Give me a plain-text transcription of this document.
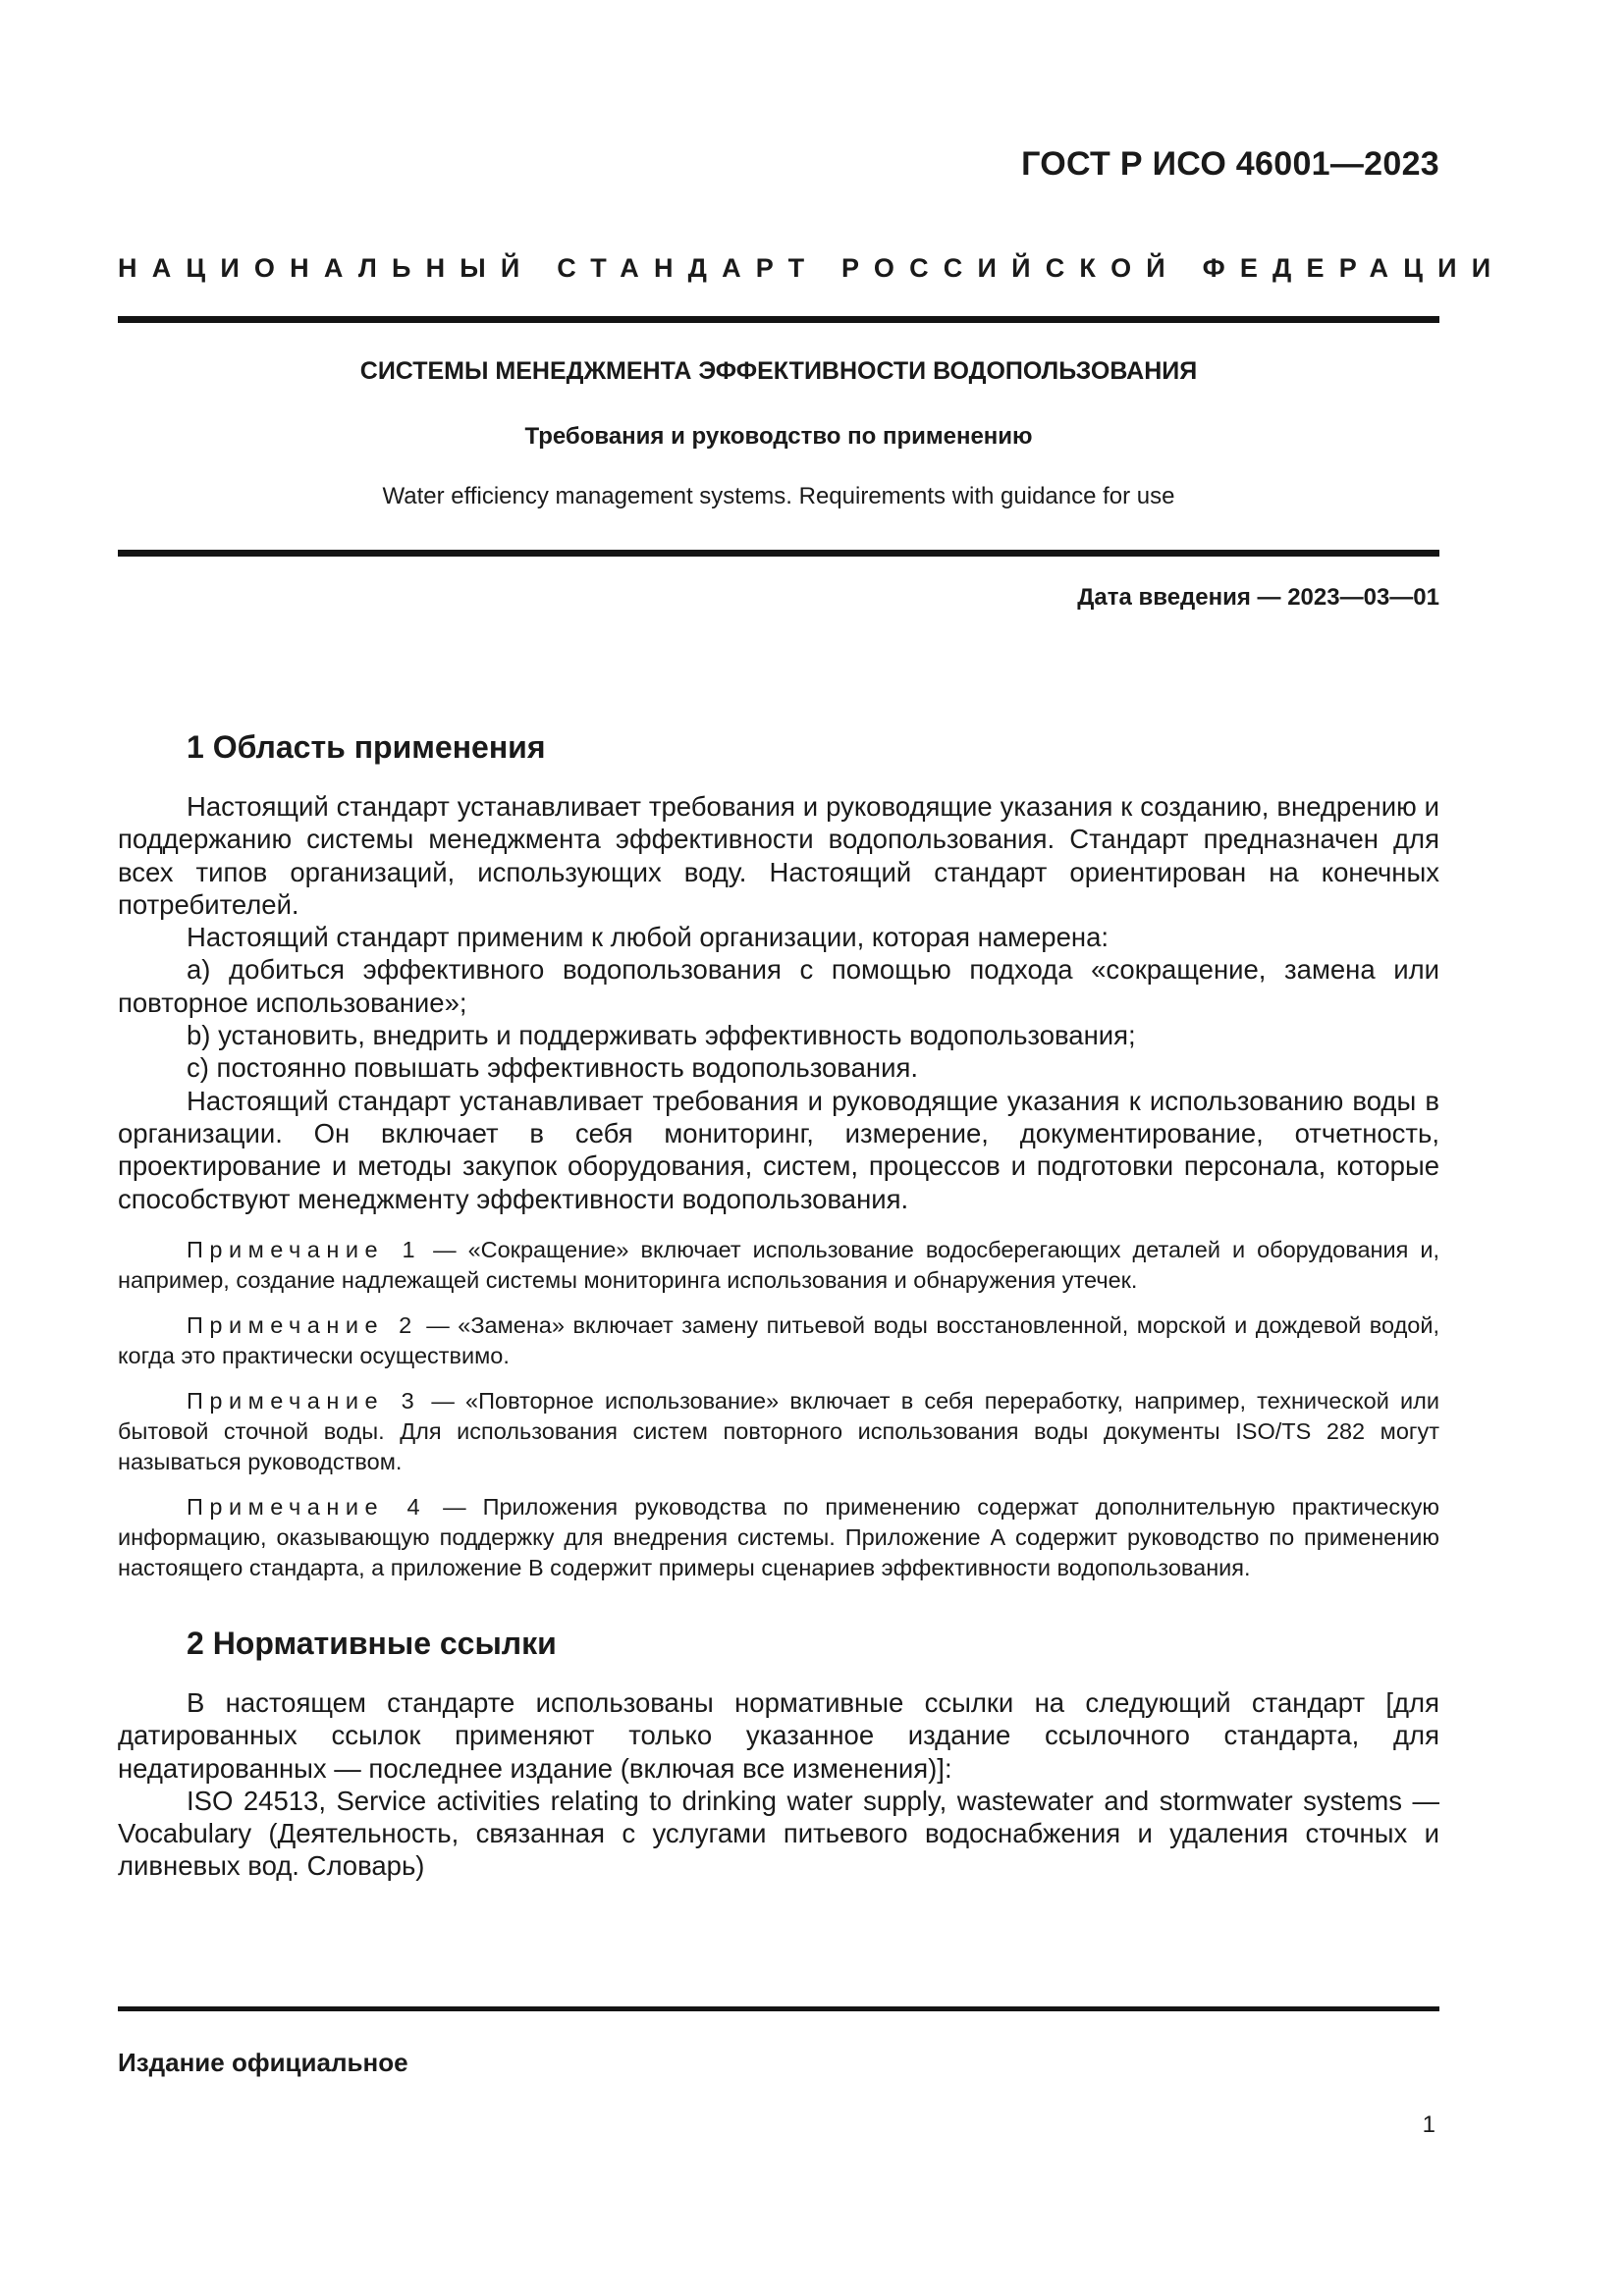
ГОСТ Р ИСО 46001—2023
НАЦИОНАЛЬНЫЙ СТАНДАРТ РОССИЙСКОЙ ФЕДЕРАЦИИ
СИСТЕМЫ МЕНЕДЖМЕНТА ЭФФЕКТИВНОСТИ ВОДОПОЛЬЗОВАНИЯ
Требования и руководство по применению
Water efficiency management systems. Requirements with guidance for use
Дата введения — 2023—03—01
1 Область применения

Настоящий стандарт устанавливает требования и руководящие указания к созданию, внедрению и поддержанию системы менеджмента эффективности водопользования. Стандарт предназначен для всех типов организаций, использующих воду. Настоящий стандарт ориентирован на конечных потребителей.

Настоящий стандарт применим к любой организации, которая намерена:

a) добиться эффективного водопользования с помощью подхода «сокращение, замена или повторное использование»;

b) установить, внедрить и поддерживать эффективность водопользования;

c) постоянно повышать эффективность водопользования.

Настоящий стандарт устанавливает требования и руководящие указания к использованию воды в организации. Он включает в себя мониторинг, измерение, документирование, отчетность, проектирование и методы закупок оборудования, систем, процессов и подготовки персонала, которые способствуют менеджменту эффективности водопользования.

Примечание 1 — «Сокращение» включает использование водосберегающих деталей и оборудования и, например, создание надлежащей системы мониторинга использования и обнаружения утечек.

Примечание 2 — «Замена» включает замену питьевой воды восстановленной, морской и дождевой водой, когда это практически осуществимо.

Примечание 3 — «Повторное использование» включает в себя переработку, например, технической или бытовой сточной воды. Для использования систем повторного использования воды документы ISO/TS 282 могут называться руководством.

Примечание 4 — Приложения руководства по применению содержат дополнительную практическую информацию, оказывающую поддержку для внедрения системы. Приложение А содержит руководство по применению настоящего стандарта, а приложение В содержит примеры сценариев эффективности водопользования.

2 Нормативные ссылки

В настоящем стандарте использованы нормативные ссылки на следующий стандарт [для датированных ссылок применяют только указанное издание ссылочного стандарта, для недатированных — последнее издание (включая все изменения)]:

ISO 24513, Service activities relating to drinking water supply, wastewater and stormwater systems — Vocabulary (Деятельность, связанная с услугами питьевого водоснабжения и удаления сточных и ливневых вод. Словарь)

Издание официальное
1
